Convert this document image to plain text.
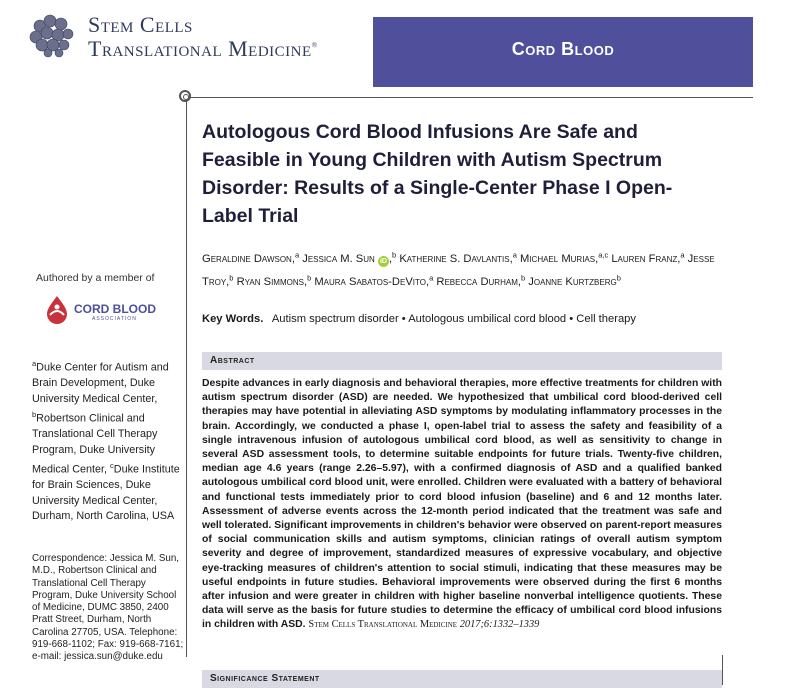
Stem Cells
Translational Medicine®	Cord Blood
Autologous Cord Blood Infusions Are Safe and Feasible in Young Children with Autism Spectrum Disorder: Results of a Single-Center Phase I Open-Label Trial
Geraldine Dawson,$^a$ Jessica M. Sun iD ,$^b$ Katherine S. Davlantis,$^a$ Michael Murias,$^{a,c}$ Lauren Franz,$^a$ Jesse Troy,$^b$ Ryan Simmons,$^b$ Maura Sabatos-DeVito,$^a$ Rebecca Durham,$^b$ Joanne Kurtzberg$^b$
Key Words. Autism spectrum disorder • Autologous umbilical cord blood • Cell therapy
Authored by a member of
CORD BLOOD
ASSOCIATION
$^a$Duke Center for Autism and Brain Development, Duke University Medical Center, $^b$Robertson Clinical and Translational Cell Therapy Program, Duke University Medical Center, $^c$Duke Institute for Brain Sciences, Duke University Medical Center, Durham, North Carolina, USA
Correspondence: Jessica M. Sun, M.D., Robertson Clinical and Translational Cell Therapy Program, Duke University School of Medicine, DUMC 3850, 2400 Pratt Street, Durham, North Carolina 27705, USA. Telephone: 919-668-1102; Fax: 919-668-7161; e-mail: jessica.sun@duke.edu
Abstract

Despite advances in early diagnosis and behavioral therapies, more effective treatments for children with autism spectrum disorder (ASD) are needed. We hypothesized that umbilical cord blood-derived cell therapies may have potential in alleviating ASD symptoms by modulating inflammatory processes in the brain. Accordingly, we conducted a phase I, open-label trial to assess the safety and feasibility of a single intravenous infusion of autologous umbilical cord blood, as well as sensitivity to change in several ASD assessment tools, to determine suitable endpoints for future trials. Twenty-five children, median age 4.6 years (range 2.26–5.97), with a confirmed diagnosis of ASD and a qualified banked autologous umbilical cord blood unit, were enrolled. Children were evaluated with a battery of behavioral and functional tests immediately prior to cord blood infusion (baseline) and 6 and 12 months later. Assessment of adverse events across the 12-month period indicated that the treatment was safe and well tolerated. Significant improvements in children's behavior were observed on parent-report measures of social communication skills and autism symptoms, clinician ratings of overall autism symptom severity and degree of improvement, standardized measures of expressive vocabulary, and objective eye-tracking measures of children's attention to social stimuli, indicating that these measures may be useful endpoints in future studies. Behavioral improvements were observed during the first 6 months after infusion and were greater in children with higher baseline nonverbal intelligence quotients. These data will serve as the basis for future studies to determine the efficacy of umbilical cord blood infusions in children with ASD. Stem Cells Translational Medicine 2017;6:1332–1339

Significance Statement
